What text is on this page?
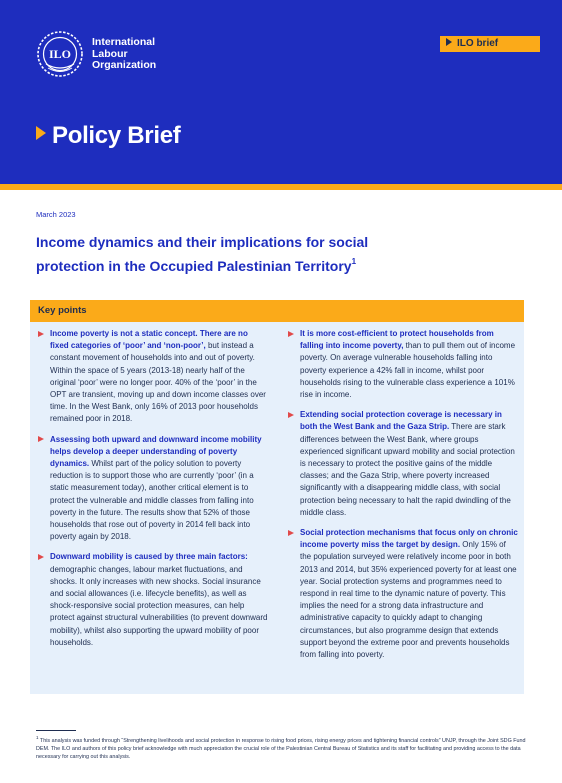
ILO
International
Labour
Organization
ILO brief
Policy Brief
March 2023
Income dynamics and their implications for social protection in the Occupied Palestinian Territory$^1$
Key points
Income poverty is not a static concept. There are no fixed categories of ‘poor’ and ‘non-poor’, but instead a constant movement of households into and out of poverty. Within the space of 5 years (2013-18) nearly half of the original ‘poor’ were no longer poor. 40% of the ‘poor’ in the OPT are transient, moving up and down income classes over time. In the West Bank, only 16% of 2013 poor households remained poor in 2018.
Assessing both upward and downward income mobility helps develop a deeper understanding of poverty dynamics. Whilst part of the policy solution to poverty reduction is to support those who are currently ‘poor’ (in a static measurement today), another critical element is to protect the vulnerable and middle classes from falling into poverty in the future. The results show that 52% of those households that rose out of poverty in 2014 fell back into poverty again by 2018.
Downward mobility is caused by three main factors: demographic changes, labour market fluctuations, and shocks. It only increases with new shocks. Social insurance and social allowances (i.e. lifecycle benefits), as well as shock-responsive social protection measures, can help protect against structural vulnerabilities (to prevent downward mobility), whilst also supporting the upward mobility of poor households.
It is more cost-efficient to protect households from falling into income poverty, than to pull them out of income poverty. On average vulnerable households falling into poverty experience a 42% fall in income, whilst poor households rising to the vulnerable class experience a 101% rise in income.
Extending social protection coverage is necessary in both the West Bank and the Gaza Strip. There are stark differences between the West Bank, where groups experienced significant upward mobility and social protection is necessary to protect the positive gains of the middle classes; and the Gaza Strip, where poverty increased significantly with a disappearing middle class, with social protection being necessary to halt the rapid dwindling of the middle class.
Social protection mechanisms that focus only on chronic income poverty miss the target by design. Only 15% of the population surveyed were relatively income poor in both 2013 and 2014, but 35% experienced poverty for at least one year. Social protection systems and programmes need to respond in real time to the dynamic nature of poverty. This implies the need for a strong data infrastructure and administrative capacity to quickly adapt to changing circumstances, but also programme design that extends support beyond the extreme poor and prevents households from falling into poverty.
$^1$ This analysis was funded through “Strengthening livelihoods and social protection in response to rising food prices, rising energy prices and tightening financial controls” UNJP, through the Joint SDG Fund DEM. The ILO and authors of this policy brief acknowledge with much appreciation the crucial role of the Palestinian Central Bureau of Statistics and its staff for facilitating and providing access to the data necessary for carrying out this analysis.
